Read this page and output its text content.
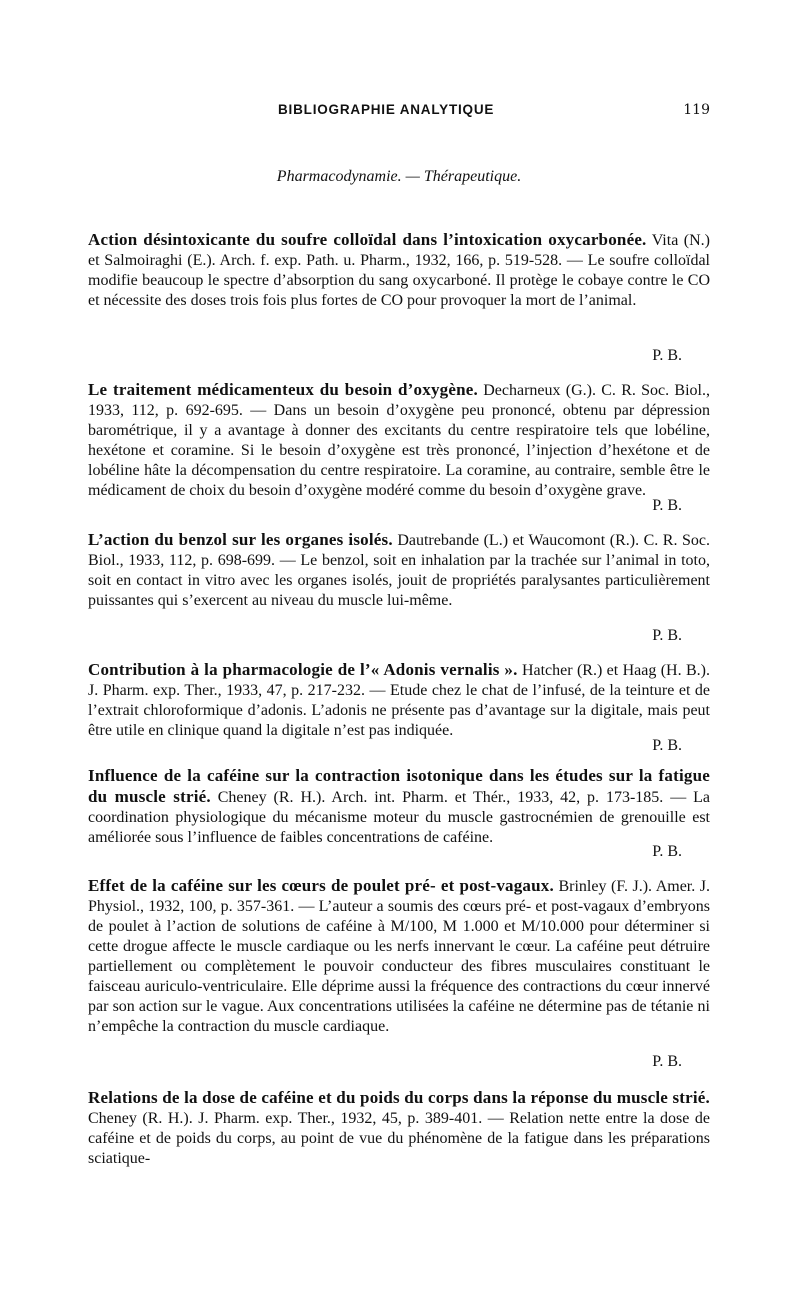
BIBLIOGRAPHIE ANALYTIQUE	119
Pharmacodynamie. — Thérapeutique.
Action désintoxicante du soufre colloïdal dans l’intoxication oxycarbonée. Vita (N.) et Salmoiraghi (E.). Arch. f. exp. Path. u. Pharm., 1932, 166, p. 519-528. — Le soufre colloïdal modifie beaucoup le spectre d’absorption du sang oxycarboné. Il protège le cobaye contre le CO et nécessite des doses trois fois plus fortes de CO pour provoquer la mort de l’animal.
P. B.
Le traitement médicamenteux du besoin d’oxygène. Decharneux (G.). C. R. Soc. Biol., 1933, 112, p. 692-695. — Dans un besoin d’oxygène peu prononcé, obtenu par dépression barométrique, il y a avantage à donner des excitants du centre respiratoire tels que lobéline, hexétone et coramine. Si le besoin d’oxygène est très prononcé, l’injection d’hexétone et de lobéline hâte la décompensation du centre respiratoire. La coramine, au contraire, semble être le médicament de choix du besoin d’oxygène modéré comme du besoin d’oxygène grave.
P. B.
L’action du benzol sur les organes isolés. Dautrebande (L.) et Waucomont (R.). C. R. Soc. Biol., 1933, 112, p. 698-699. — Le benzol, soit en inhalation par la trachée sur l’animal in toto, soit en contact in vitro avec les organes isolés, jouit de propriétés paralysantes particulièrement puissantes qui s’exercent au niveau du muscle lui-même.
P. B.
Contribution à la pharmacologie de l’« Adonis vernalis ». Hatcher (R.) et Haag (H. B.). J. Pharm. exp. Ther., 1933, 47, p. 217-232. — Etude chez le chat de l’infusé, de la teinture et de l’extrait chloroformique d’adonis. L’adonis ne présente pas d’avantage sur la digitale, mais peut être utile en clinique quand la digitale n’est pas indiquée.
P. B.
Influence de la caféine sur la contraction isotonique dans les études sur la fatigue du muscle strié. Cheney (R. H.). Arch. int. Pharm. et Thér., 1933, 42, p. 173-185. — La coordination physiologique du mécanisme moteur du muscle gastrocnémien de grenouille est améliorée sous l’influence de faibles concentrations de caféine.
P. B.
Effet de la caféine sur les cœurs de poulet pré- et post-vagaux. Brinley (F. J.). Amer. J. Physiol., 1932, 100, p. 357-361. — L’auteur a soumis des cœurs pré- et post-vagaux d’embryons de poulet à l’action de solutions de caféine à M/100, M 1.000 et M/10.000 pour déterminer si cette drogue affecte le muscle cardiaque ou les nerfs innervant le cœur. La caféine peut détruire partiellement ou complètement le pouvoir conducteur des fibres musculaires constituant le faisceau auriculo-ventriculaire. Elle déprime aussi la fréquence des contractions du cœur innervé par son action sur le vague. Aux concentrations utilisées la caféine ne détermine pas de tétanie ni n’empêche la contraction du muscle cardiaque.
P. B.
Relations de la dose de caféine et du poids du corps dans la réponse du muscle strié. Cheney (R. H.). J. Pharm. exp. Ther., 1932, 45, p. 389-401. — Relation nette entre la dose de caféine et de poids du corps, au point de vue du phénomène de la fatigue dans les préparations sciatique-
